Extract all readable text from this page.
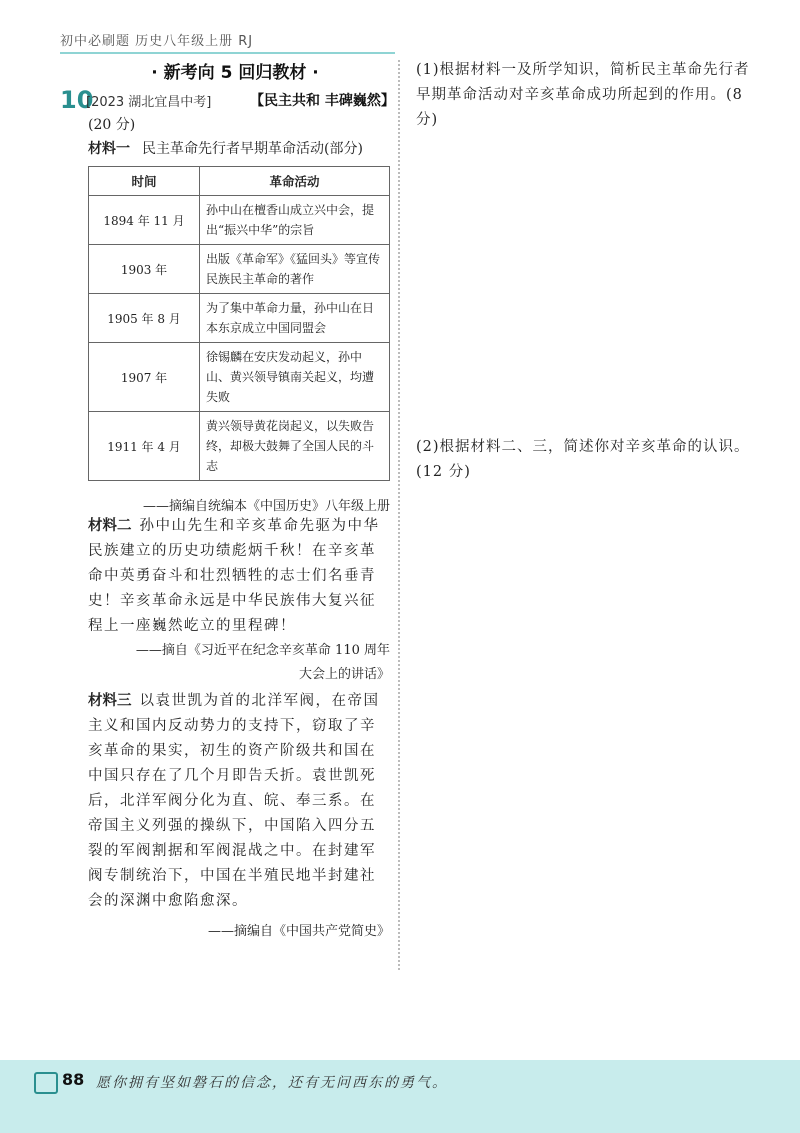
初中必刷题 历史八年级上册 RJ
· 新考向 5 回归教材 ·
10
[2023 湖北宜昌中考]	【民主共和 丰碑巍然】
(20 分)
材料一 民主革命先行者早期革命活动(部分)
时间	革命活动
1894 年 11 月	孙中山在檀香山成立兴中会，提出“振兴中华”的宗旨
1903 年	出版《革命军》《猛回头》等宣传民族民主革命的著作
1905 年 8 月	为了集中革命力量，孙中山在日本东京成立中国同盟会
1907 年	徐锡麟在安庆发动起义，孙中山、黄兴领导镇南关起义，均遭失败
1911 年 4 月	黄兴领导黄花岗起义，以失败告终，却极大鼓舞了全国人民的斗志
——摘编自统编本《中国历史》八年级上册
材料二 孙中山先生和辛亥革命先驱为中华民族建立的历史功绩彪炳千秋！在辛亥革命中英勇奋斗和壮烈牺牲的志士们名垂青史！辛亥革命永远是中华民族伟大复兴征程上一座巍然屹立的里程碑！
——摘自《习近平在纪念辛亥革命 110 周年
大会上的讲话》
材料三 以袁世凯为首的北洋军阀，在帝国主义和国内反动势力的支持下，窃取了辛亥革命的果实，初生的资产阶级共和国在中国只存在了几个月即告夭折。袁世凯死后，北洋军阀分化为直、皖、奉三系。在帝国主义列强的操纵下，中国陷入四分五裂的军阀割据和军阀混战之中。在封建军阀专制统治下，中国在半殖民地半封建社会的深渊中愈陷愈深。
——摘编自《中国共产党简史》
(1)根据材料一及所学知识，简析民主革命先行者早期革命活动对辛亥革命成功所起到的作用。(8 分)
(2)根据材料二、三，简述你对辛亥革命的认识。(12 分)
88 愿你拥有坚如磐石的信念，还有无问西东的勇气。
